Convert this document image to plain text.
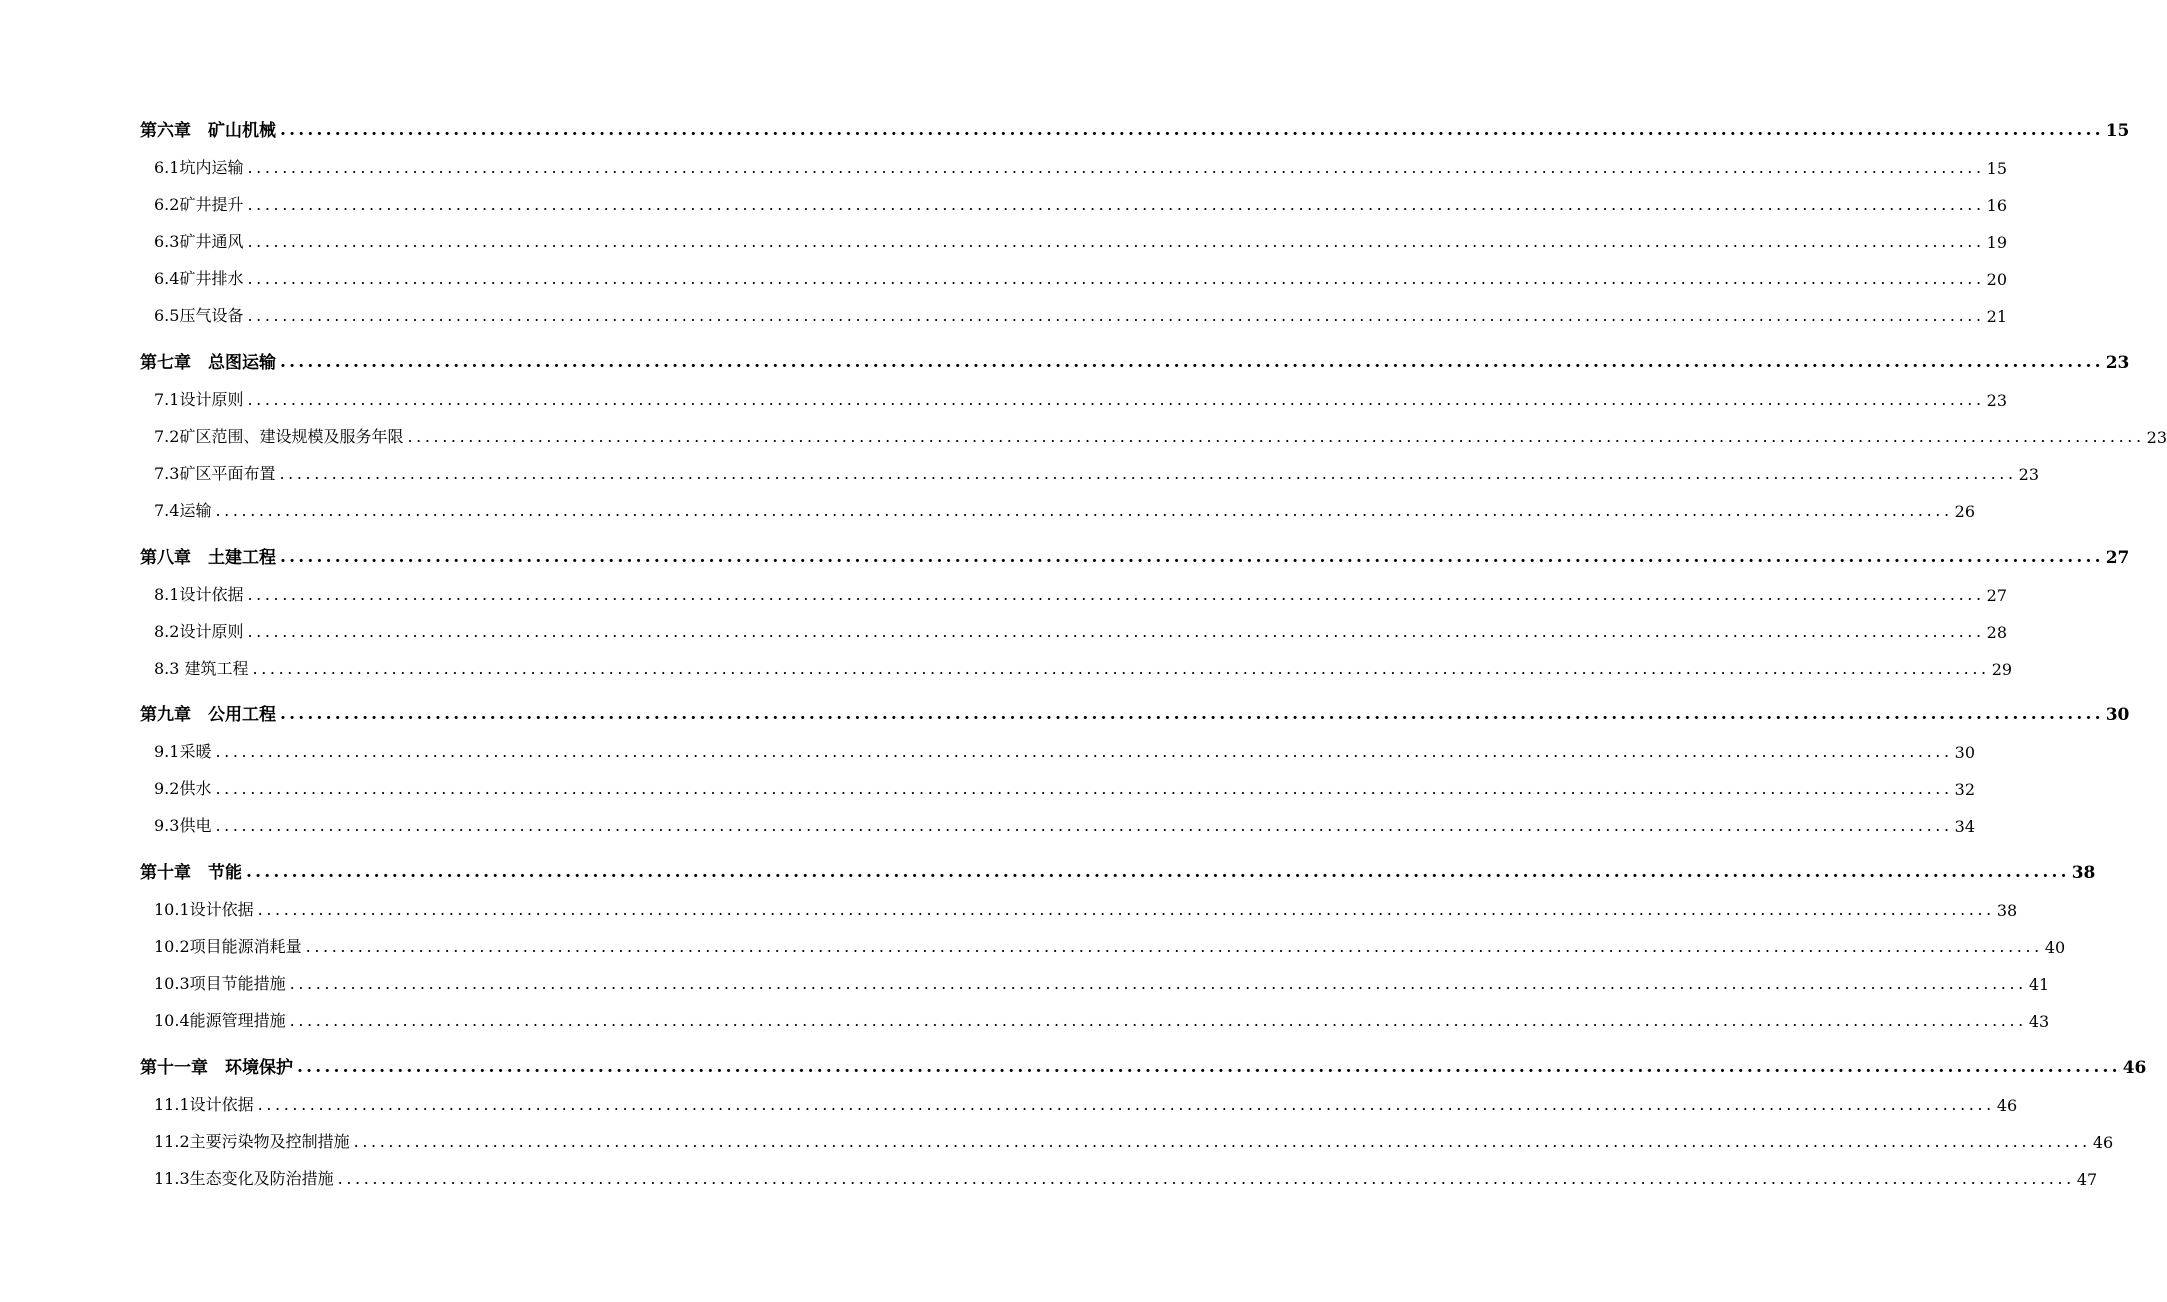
第六章　矿山机械 ........................................................................................................................................................................................................ 15
6.1坑内运输 ........................................................................................................................................................................................................ 15
6.2矿井提升 ........................................................................................................................................................................................................ 16
6.3矿井通风 ........................................................................................................................................................................................................ 19
6.4矿井排水 ........................................................................................................................................................................................................ 20
6.5压气设备 ........................................................................................................................................................................................................ 21
第七章　总图运输 ........................................................................................................................................................................................................ 23
7.1设计原则 ........................................................................................................................................................................................................ 23
7.2矿区范围、建设规模及服务年限 ........................................................................................................................................................................................................ 23
7.3矿区平面布置 ........................................................................................................................................................................................................ 23
7.4运输 ........................................................................................................................................................................................................ 26
第八章　土建工程 ........................................................................................................................................................................................................ 27
8.1设计依据 ........................................................................................................................................................................................................ 27
8.2设计原则 ........................................................................................................................................................................................................ 28
8.3 建筑工程 ........................................................................................................................................................................................................ 29
第九章　公用工程 ........................................................................................................................................................................................................ 30
9.1采暖 ........................................................................................................................................................................................................ 30
9.2供水 ........................................................................................................................................................................................................ 32
9.3供电 ........................................................................................................................................................................................................ 34
第十章　节能 ........................................................................................................................................................................................................ 38
10.1设计依据 ........................................................................................................................................................................................................ 38
10.2项目能源消耗量 ........................................................................................................................................................................................................ 40
10.3项目节能措施 ........................................................................................................................................................................................................ 41
10.4能源管理措施 ........................................................................................................................................................................................................ 43
第十一章　环境保护 ........................................................................................................................................................................................................ 46
11.1设计依据 ........................................................................................................................................................................................................ 46
11.2主要污染物及控制措施 ........................................................................................................................................................................................................ 46
11.3生态变化及防治措施 ........................................................................................................................................................................................................ 47
